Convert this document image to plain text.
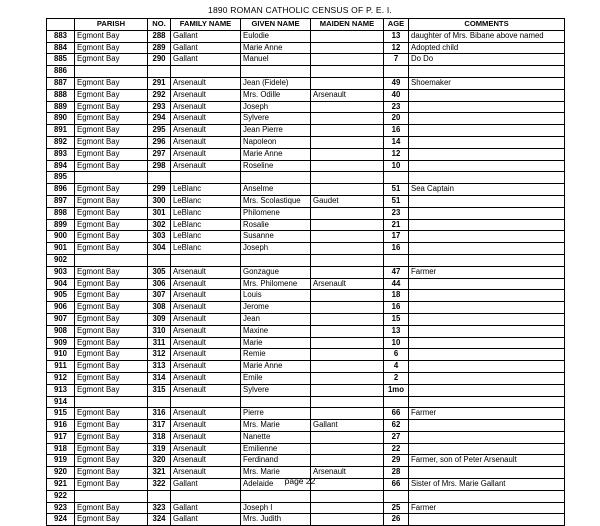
1890 ROMAN CATHOLIC CENSUS OF P. E. I.
	PARISH	NO.	FAMILY NAME	GIVEN NAME	MAIDEN NAME	AGE	COMMENTS
883	Egmont Bay	288	Gallant	Eulodie		13	daughter of Mrs. Bibane above named
884	Egmont Bay	289	Gallant	Marie Anne		12	Adopted child
885	Egmont Bay	290	Gallant	Manuel		7	Do Do
886							
887	Egmont Bay	291	Arsenault	Jean (Fidele)		49	Shoemaker
888	Egmont Bay	292	Arsenault	Mrs. Odille	Arsenault	40	
889	Egmont Bay	293	Arsenault	Joseph		23	
890	Egmont Bay	294	Arsenault	Sylvere		20	
891	Egmont Bay	295	Arsenault	Jean Pierre		16	
892	Egmont Bay	296	Arsenault	Napoleon		14	
893	Egmont Bay	297	Arsenault	Marie Anne		12	
894	Egmont Bay	298	Arsenault	Roseline		10	
895							
896	Egmont Bay	299	LeBlanc	Anselme		51	Sea Captain
897	Egmont Bay	300	LeBlanc	Mrs. Scolastique	Gaudet	51	
898	Egmont Bay	301	LeBlanc	Philomene		23	
899	Egmont Bay	302	LeBlanc	Rosalie		21	
900	Egmont Bay	303	LeBlanc	Susanne		17	
901	Egmont Bay	304	LeBlanc	Joseph		16	
902							
903	Egmont Bay	305	Arsenault	Gonzague		47	Farmer
904	Egmont Bay	306	Arsenault	Mrs. Philomene	Arsenault	44	
905	Egmont Bay	307	Arsenault	Louis		18	
906	Egmont Bay	308	Arsenault	Jerome		16	
907	Egmont Bay	309	Arsenault	Jean		15	
908	Egmont Bay	310	Arsenault	Maxine		13	
909	Egmont Bay	311	Arsenault	Marie		10	
910	Egmont Bay	312	Arsenault	Remie		6	
911	Egmont Bay	313	Arsenault	Marie Anne		4	
912	Egmont Bay	314	Arsenault	Emile		2	
913	Egmont Bay	315	Arsenault	Sylvere		1mo	
914							
915	Egmont Bay	316	Arsenault	Pierre		66	Farmer
916	Egmont Bay	317	Arsenault	Mrs. Marie	Gallant	62	
917	Egmont Bay	318	Arsenault	Nanette		27	
918	Egmont Bay	319	Arsenault	Emilienne		22	
919	Egmont Bay	320	Arsenault	Ferdinand		29	Farmer, son of Peter Arsenault
920	Egmont Bay	321	Arsenault	Mrs. Marie	Arsenault	28	
921	Egmont Bay	322	Gallant	Adelaide		66	Sister of Mrs. Marie Gallant
922							
923	Egmont Bay	323	Gallant	Joseph I		25	Farmer
924	Egmont Bay	324	Gallant	Mrs. Judith		26	
page 22
